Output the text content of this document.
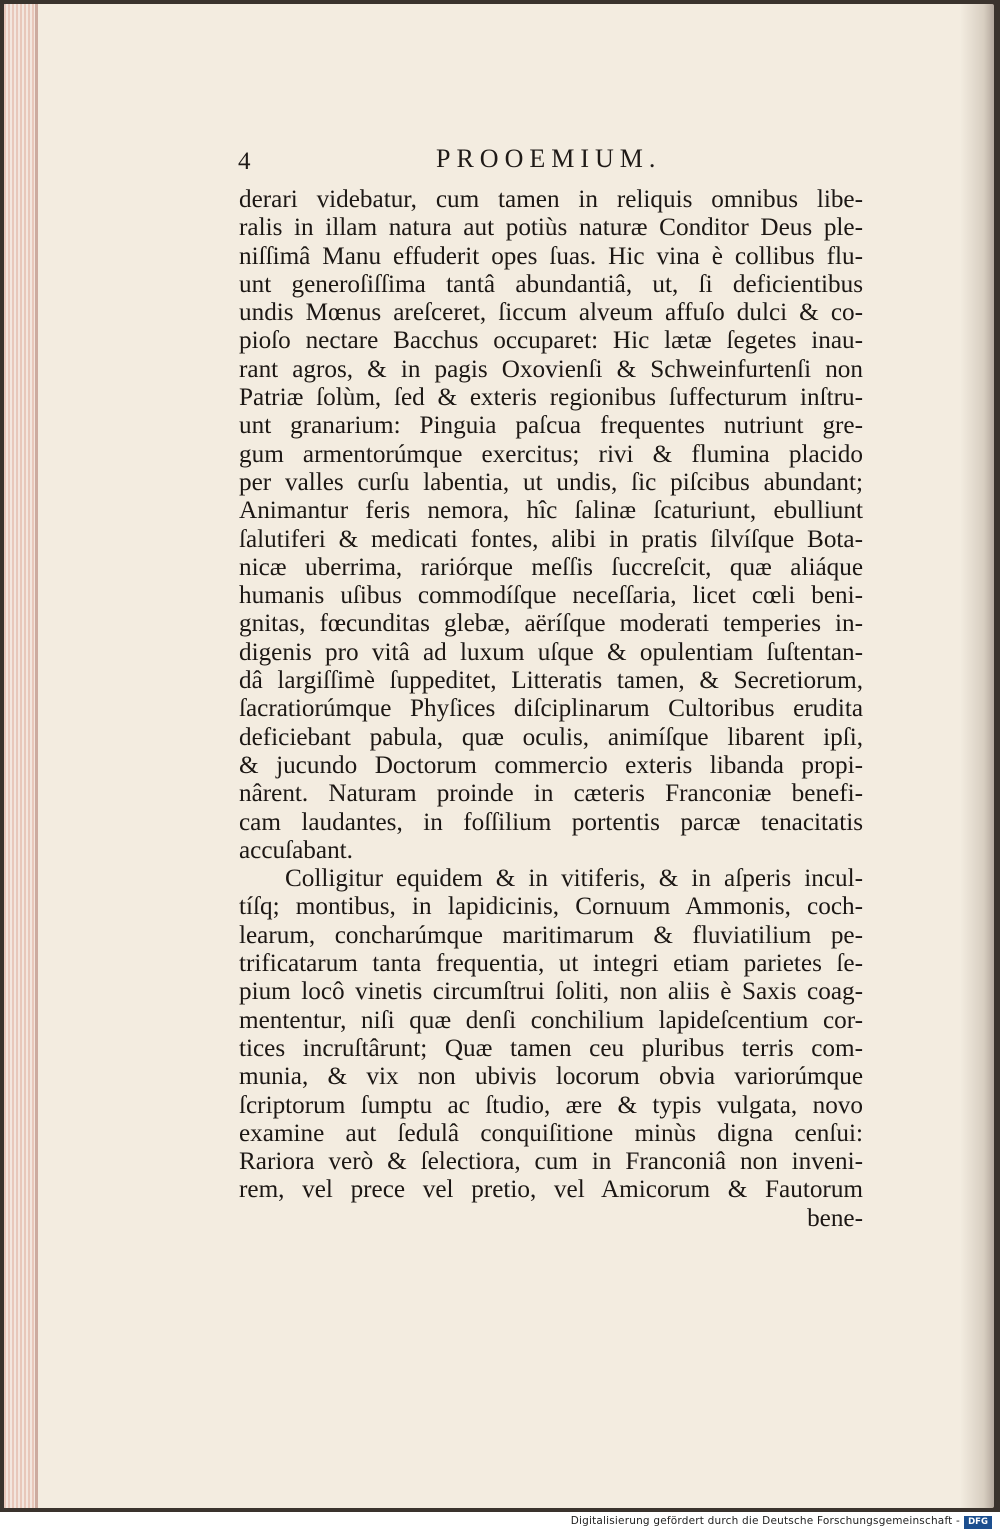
4	PROOEMIUM.
derari videbatur, cum tamen in reliquis omnibus libe-
ralis in illam natura aut potiùs naturæ Conditor Deus ple-
niſſimâ Manu effuderit opes ſuas. Hic vina è collibus flu-
unt generoſiſſima tantâ abundantiâ, ut, ſi deficientibus
undis Mœnus areſceret, ſiccum alveum affuſo dulci & co-
pioſo nectare Bacchus occuparet: Hic lætæ ſegetes inau-
rant agros, & in pagis Oxovienſi & Schweinfurtenſi non
Patriæ ſolùm, ſed & exteris regionibus ſuffecturum inſtru-
unt granarium: Pinguia paſcua frequentes nutriunt gre-
gum armentorúmque exercitus; rivi & flumina placido
per valles curſu labentia, ut undis, ſic piſcibus abundant;
Animantur feris nemora, hîc ſalinæ ſcaturiunt, ebulliunt
ſalutiferi & medicati fontes, alibi in pratis ſilvíſque Bota-
nicæ uberrima, rariórque meſſis ſuccreſcit, quæ aliáque
humanis uſibus commodíſque neceſſaria, licet cœli beni-
gnitas, fœcunditas glebæ, aëríſque moderati temperies in-
digenis pro vitâ ad luxum uſque & opulentiam ſuſtentan-
dâ largiſſimè ſuppeditet, Litteratis tamen, & Secretiorum,
ſacratiorúmque Phyſices diſciplinarum Cultoribus erudita
deficiebant pabula, quæ oculis, animíſque libarent ipſi,
& jucundo Doctorum commercio exteris libanda propi-
nârent. Naturam proinde in cæteris Franconiæ benefi-
cam laudantes, in foſſilium portentis parcæ tenacitatis
accuſabant.
Colligitur equidem & in vitiferis, & in aſperis incul-
tíſq; montibus, in lapidicinis, Cornuum Ammonis, coch-
learum, concharúmque maritimarum & fluviatilium pe-
trificatarum tanta frequentia, ut integri etiam parietes ſe-
pium locô vinetis circumſtrui ſoliti, non aliis è Saxis coag-
mententur, niſi quæ denſi conchilium lapideſcentium cor-
tices incruſtârunt; Quæ tamen ceu pluribus terris com-
munia, & vix non ubivis locorum obvia variorúmque
ſcriptorum ſumptu ac ſtudio, ære & typis vulgata, novo
examine aut ſedulâ conquiſitione minùs digna cenſui:
Rariora verò & ſelectiora, cum in Franconiâ non inveni-
rem, vel prece vel pretio, vel Amicorum & Fautorum
bene-
Digitalisierung gefördert durch die Deutsche Forschungsgemeinschaft - DFG
